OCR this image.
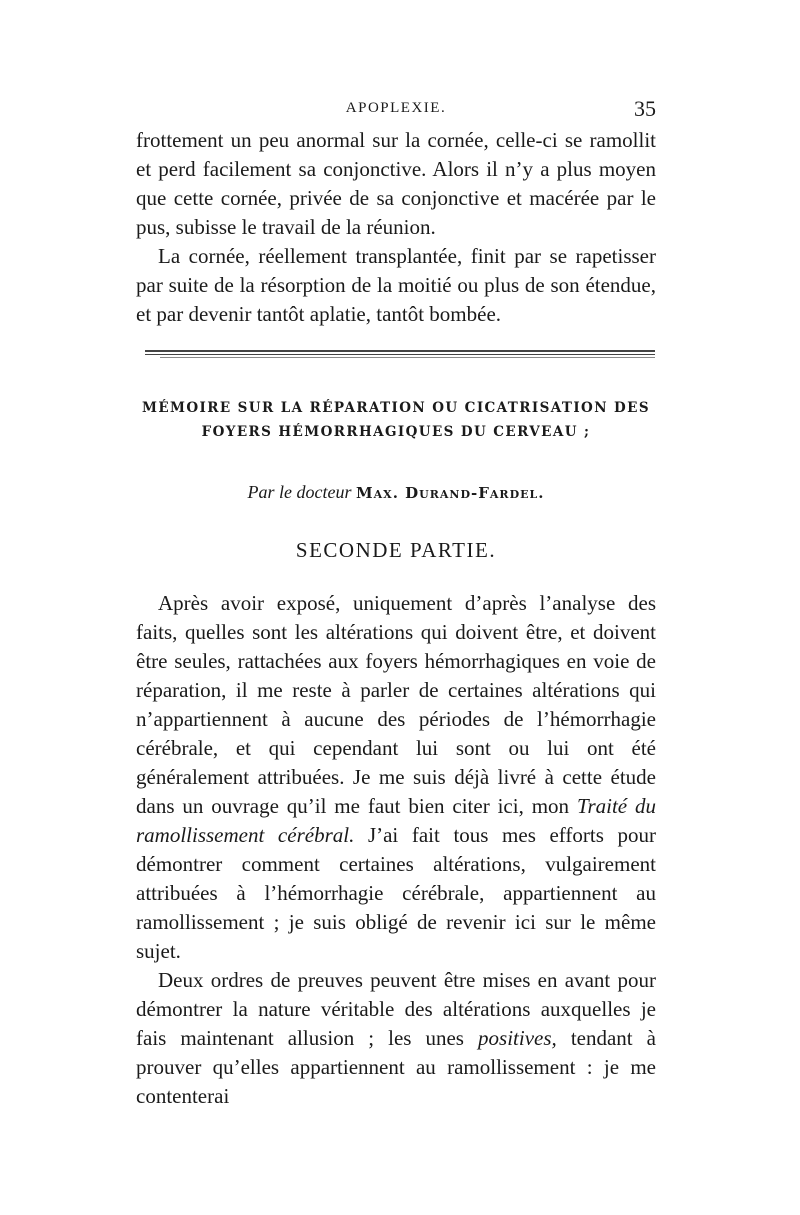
APOPLEXIE.	35

frottement un peu anormal sur la cornée, celle-ci se ramollit et perd facilement sa conjonctive. Alors il n’y a plus moyen que cette cornée, privée de sa conjonctive et macérée par le pus, subisse le travail de la réunion.

La cornée, réellement transplantée, finit par se rapetisser par suite de la résorption de la moitié ou plus de son étendue, et par devenir tantôt aplatie, tantôt bombée.

MÉMOIRE SUR LA RÉPARATION OU CICATRISATION DES FOYERS HÉMORRHAGIQUES DU CERVEAU ;
Par le docteur Max. Durand-Fardel.
SECONDE PARTIE.

Après avoir exposé, uniquement d’après l’analyse des faits, quelles sont les altérations qui doivent être, et doivent être seules, rattachées aux foyers hémorrhagiques en voie de réparation, il me reste à parler de certaines altérations qui n’appartiennent à aucune des périodes de l’hémorrhagie cérébrale, et qui cependant lui sont ou lui ont été généralement attribuées. Je me suis déjà livré à cette étude dans un ouvrage qu’il me faut bien citer ici, mon Traité du ramollissement cérébral. J’ai fait tous mes efforts pour démontrer comment certaines altérations, vulgairement attribuées à l’hémorrhagie cérébrale, appartiennent au ramollissement ; je suis obligé de revenir ici sur le même sujet.

Deux ordres de preuves peuvent être mises en avant pour démontrer la nature véritable des altérations auxquelles je fais maintenant allusion ; les unes positives, tendant à prouver qu’elles appartiennent au ramollissement : je me contenterai
